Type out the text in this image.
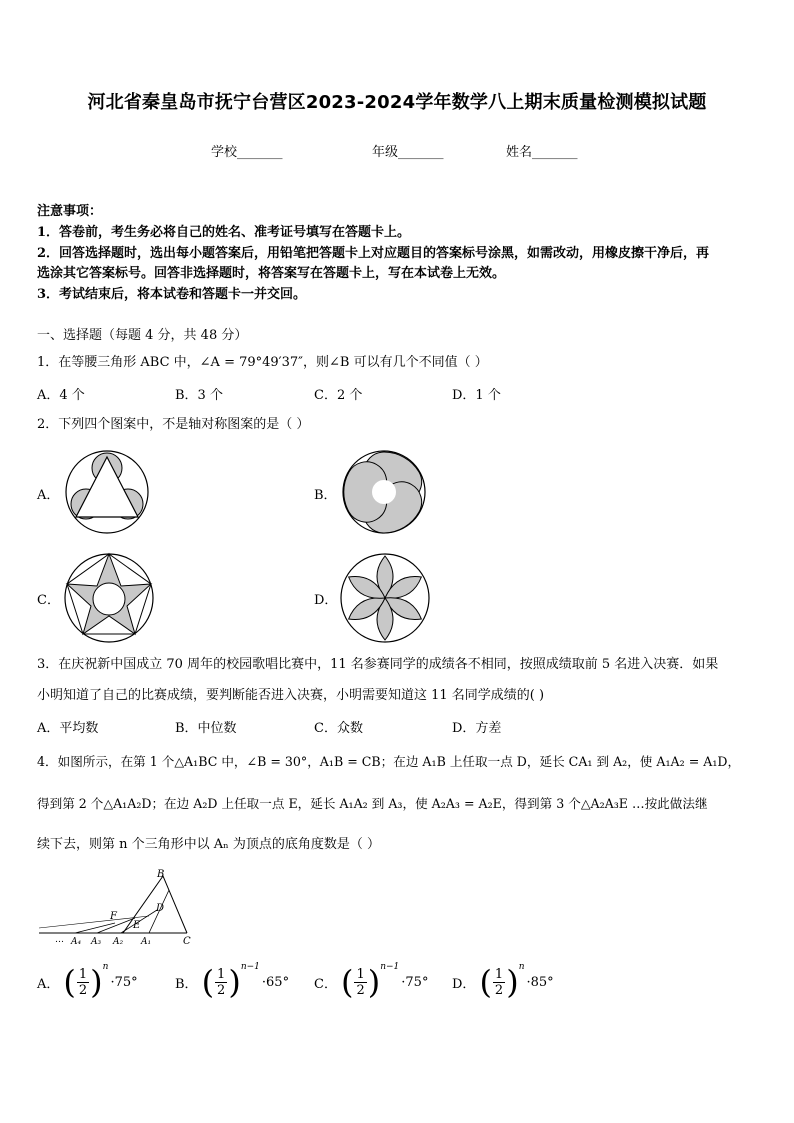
河北省秦皇岛市抚宁台营区2023-2024学年数学八上期末质量检测模拟试题
学校_______	年级_______	姓名_______
注意事项：
1．答卷前，考生务必将自己的姓名、准考证号填写在答题卡上。
2．回答选择题时，选出每小题答案后，用铅笔把答题卡上对应题目的答案标号涂黑，如需改动，用橡皮擦干净后，再
选涂其它答案标号。回答非选择题时，将答案写在答题卡上，写在本试卷上无效。
3．考试结束后，将本试卷和答题卡一并交回。
一、选择题（每题 4 分，共 48 分）
1．在等腰三角形 ABC 中，∠A = 79°49′37″，则∠B 可以有几个不同值（ ）
A．4 个	B．3 个	C．2 个	D．1 个
2．下列四个图案中，不是轴对称图案的是（ ）
A．	B．
C．	D．
3．在庆祝新中国成立 70 周年的校园歌唱比赛中，11 名参赛同学的成绩各不相同，按照成绩取前 5 名进入决赛．如果
小明知道了自己的比赛成绩，要判断能否进入决赛，小明需要知道这 11 名同学成绩的( )
A．平均数	B．中位数	C．众数	D．方差
4．如图所示，在第 1 个△A₁BC 中，∠B = 30°，A₁B = CB；在边 A₁B 上任取一点 D，延长 CA₁ 到 A₂，使 A₁A₂ = A₁D，
得到第 2 个△A₁A₂D；在边 A₂D 上任取一点 E，延长 A₁A₂ 到 A₃，使 A₂A₃ = A₂E，得到第 3 个△A₂A₃E …按此做法继
续下去，则第 n 个三角形中以 Aₙ 为顶点的底角度数是（ ）
B
D
F
E
A₄ A₃ A₂ A₁	C
…
A． ( $\frac{1}{2}$ ) n
·75°	B． ( $\frac{1}{2}$ ) n−1
·65° C． ( $\frac{1}{2}$ ) n−1
·75° D． ( $\frac{1}{2}$ ) n
·85°
